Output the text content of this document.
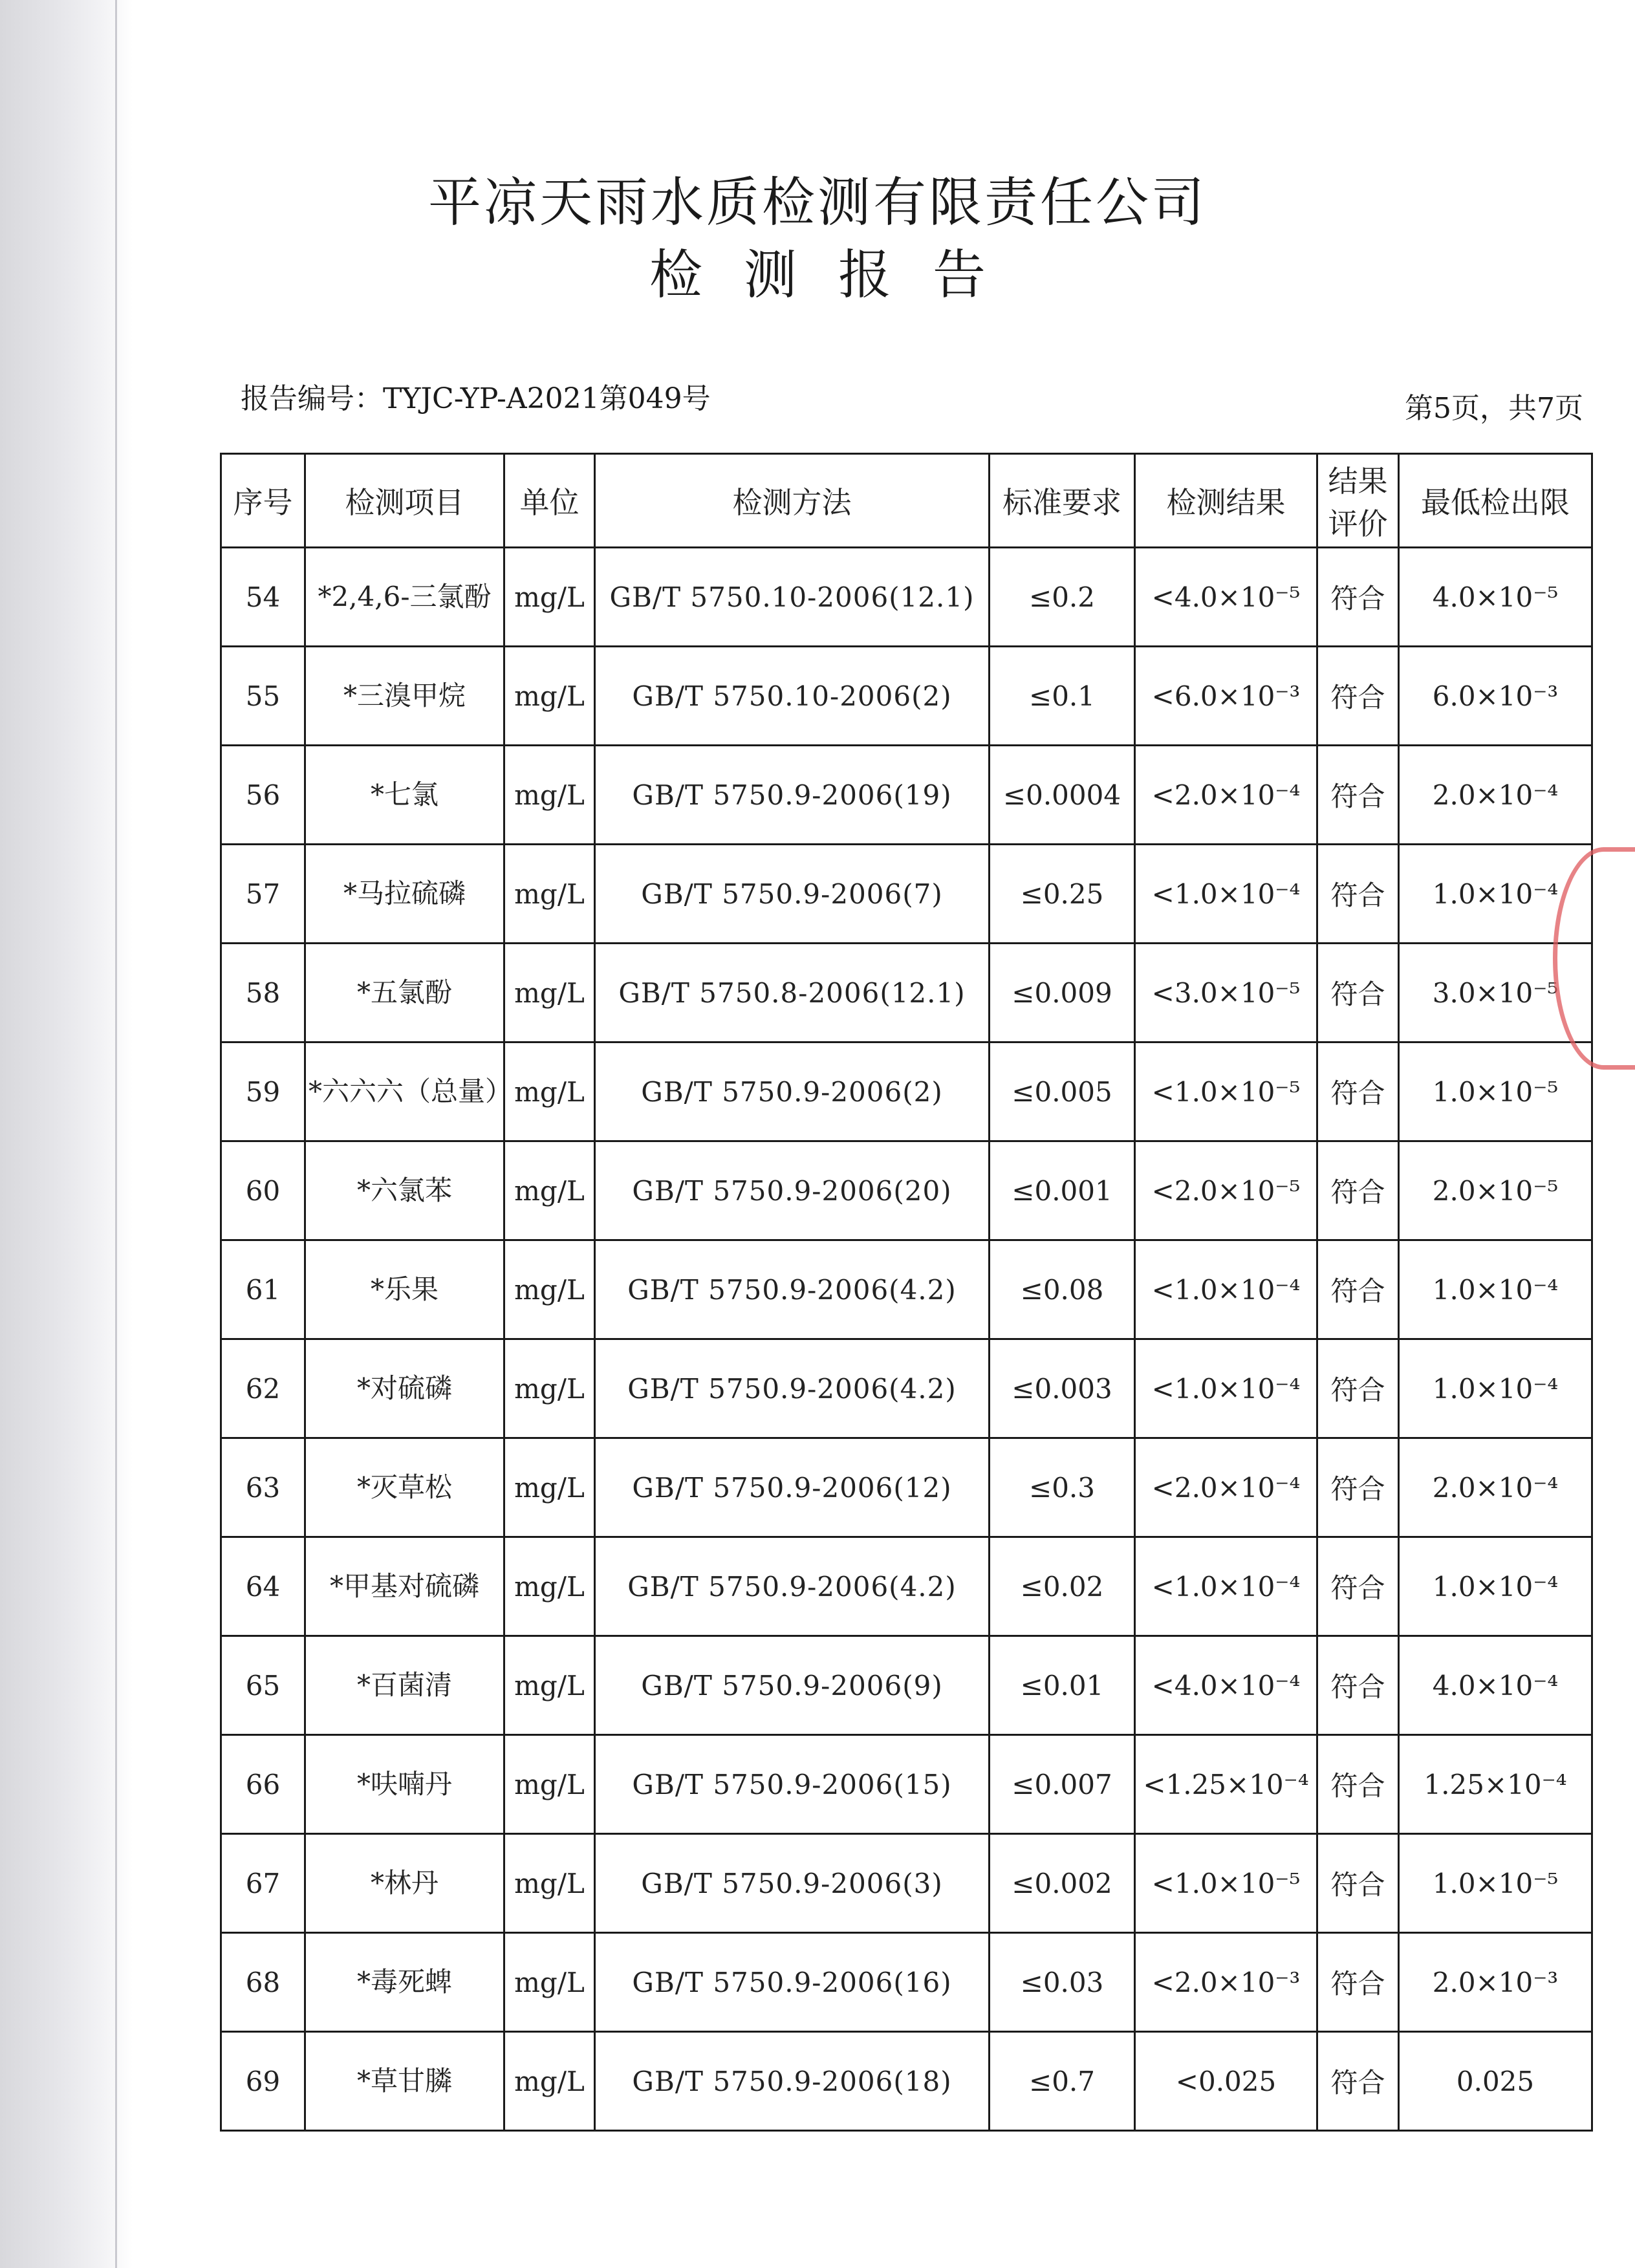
平凉天雨水质检测有限责任公司
检测报告
报告编号：TYJC-YP-A2021第049号	第5页，共7页
序号	检测项目	单位	检测方法	标准要求	检测结果	结果评价	最低检出限
54	*2,4,6-三氯酚	mg/L	GB/T 5750.10-2006(12.1)	≤0.2	<4.0×10⁻⁵	符合	4.0×10⁻⁵
55	*三溴甲烷	mg/L	GB/T 5750.10-2006(2)	≤0.1	<6.0×10⁻³	符合	6.0×10⁻³
56	*七氯	mg/L	GB/T 5750.9-2006(19)	≤0.0004	<2.0×10⁻⁴	符合	2.0×10⁻⁴
57	*马拉硫磷	mg/L	GB/T 5750.9-2006(7)	≤0.25	<1.0×10⁻⁴	符合	1.0×10⁻⁴
58	*五氯酚	mg/L	GB/T 5750.8-2006(12.1)	≤0.009	<3.0×10⁻⁵	符合	3.0×10⁻⁵
59	*六六六（总量）	mg/L	GB/T 5750.9-2006(2)	≤0.005	<1.0×10⁻⁵	符合	1.0×10⁻⁵
60	*六氯苯	mg/L	GB/T 5750.9-2006(20)	≤0.001	<2.0×10⁻⁵	符合	2.0×10⁻⁵
61	*乐果	mg/L	GB/T 5750.9-2006(4.2)	≤0.08	<1.0×10⁻⁴	符合	1.0×10⁻⁴
62	*对硫磷	mg/L	GB/T 5750.9-2006(4.2)	≤0.003	<1.0×10⁻⁴	符合	1.0×10⁻⁴
63	*灭草松	mg/L	GB/T 5750.9-2006(12)	≤0.3	<2.0×10⁻⁴	符合	2.0×10⁻⁴
64	*甲基对硫磷	mg/L	GB/T 5750.9-2006(4.2)	≤0.02	<1.0×10⁻⁴	符合	1.0×10⁻⁴
65	*百菌清	mg/L	GB/T 5750.9-2006(9)	≤0.01	<4.0×10⁻⁴	符合	4.0×10⁻⁴
66	*呋喃丹	mg/L	GB/T 5750.9-2006(15)	≤0.007	<1.25×10⁻⁴	符合	1.25×10⁻⁴
67	*林丹	mg/L	GB/T 5750.9-2006(3)	≤0.002	<1.0×10⁻⁵	符合	1.0×10⁻⁵
68	*毒死蜱	mg/L	GB/T 5750.9-2006(16)	≤0.03	<2.0×10⁻³	符合	2.0×10⁻³
69	*草甘膦	mg/L	GB/T 5750.9-2006(18)	≤0.7	<0.025	符合	0.025
